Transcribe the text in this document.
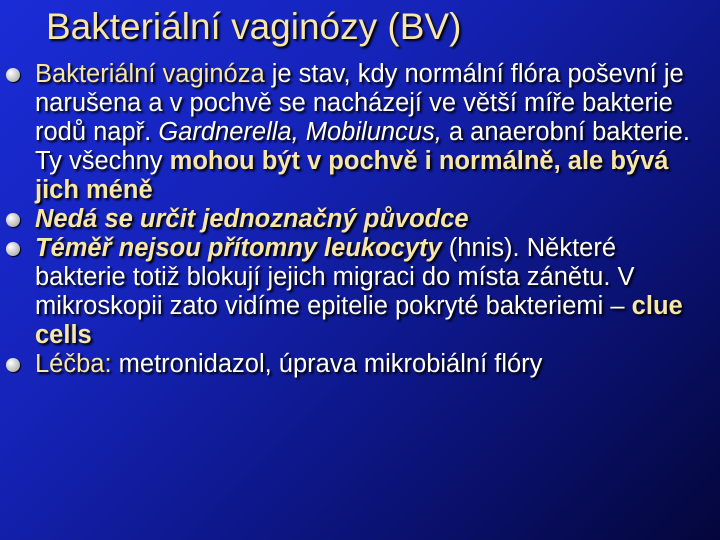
Bakteriální vaginózy (BV)
Bakteriální vaginóza je stav, kdy normální flóra poševní je narušena a v pochvě se nacházejí ve větší míře bakterie rodů např. Gardnerella, Mobiluncus, a anaerobní bakterie. Ty všechny mohou být v pochvě i normálně, ale bývá jich méně
Nedá se určit jednoznačný původce
Téměř nejsou přítomny leukocyty (hnis). Některé bakterie totiž blokují jejich migraci do místa zánětu. V mikroskopii zato vidíme epitelie pokryté bakteriemi – clue cells
Léčba: metronidazol, úprava mikrobiální flóry
